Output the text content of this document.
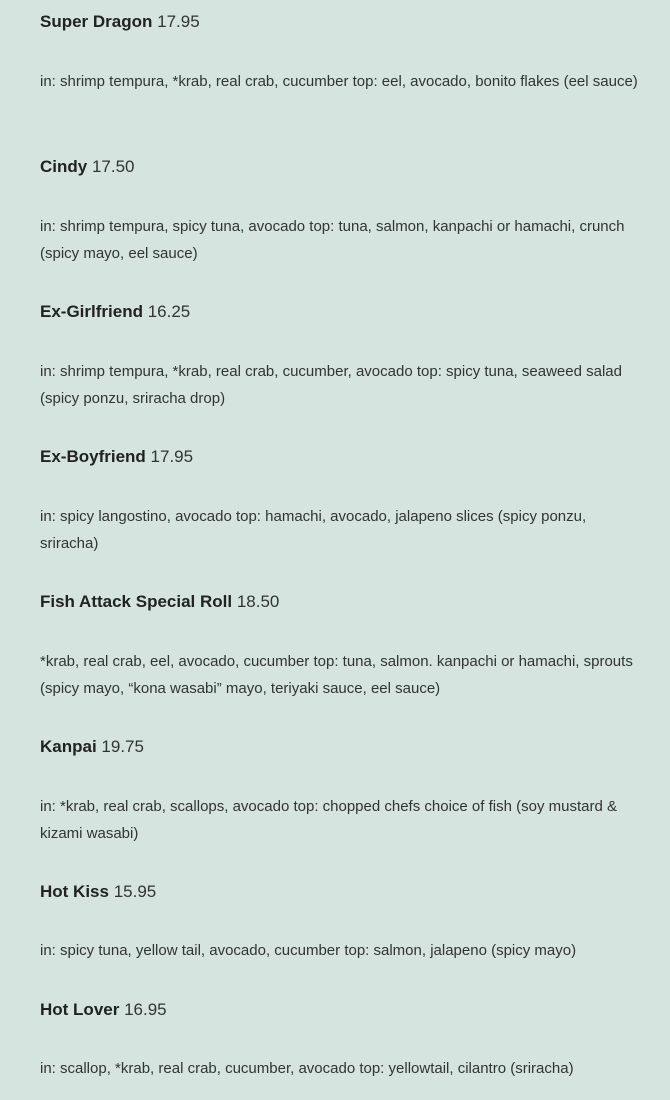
Super Dragon 17.95
in: shrimp tempura, *krab, real crab, cucumber top: eel, avocado, bonito flakes (eel sauce)
Cindy 17.50
in: shrimp tempura, spicy tuna, avocado top: tuna, salmon, kanpachi or hamachi, crunch (spicy mayo, eel sauce)
Ex-Girlfriend 16.25
in: shrimp tempura, *krab, real crab, cucumber, avocado top: spicy tuna, seaweed salad (spicy ponzu, sriracha drop)
Ex-Boyfriend 17.95
in: spicy langostino, avocado top: hamachi, avocado, jalapeno slices (spicy ponzu, sriracha)
Fish Attack Special Roll 18.50
*krab, real crab, eel, avocado, cucumber top: tuna, salmon. kanpachi or hamachi, sprouts (spicy mayo, “kona wasabi” mayo, teriyaki sauce, eel sauce)
Kanpai 19.75
in: *krab, real crab, scallops, avocado top: chopped chefs choice of fish (soy mustard & kizami wasabi)
Hot Kiss 15.95
in: spicy tuna, yellow tail, avocado, cucumber top: salmon, jalapeno (spicy mayo)
Hot Lover 16.95
in: scallop, *krab, real crab, cucumber, avocado top: yellowtail, cilantro (sriracha)
